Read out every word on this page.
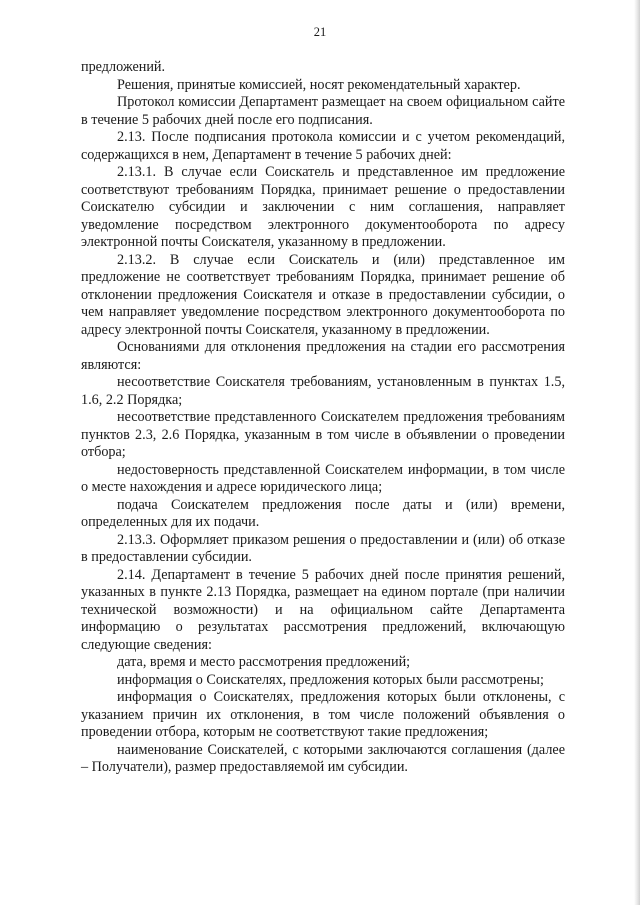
21

предложений.

Решения, принятые комиссией, носят рекомендательный характер.

Протокол комиссии Департамент размещает на своем официальном сайте в течение 5 рабочих дней после его подписания.

2.13. После подписания протокола комиссии и с учетом рекомендаций, содержащихся в нем, Департамент в течение 5 рабочих дней:

2.13.1. В случае если Соискатель и представленное им предложение соответствуют требованиям Порядка, принимает решение о предоставлении Соискателю субсидии и заключении с ним соглашения, направляет уведомление посредством электронного документооборота по адресу электронной почты Соискателя, указанному в предложении.

2.13.2. В случае если Соискатель и (или) представленное им предложение не соответствует требованиям Порядка, принимает решение об отклонении предложения Соискателя и отказе в предоставлении субсидии, о чем направляет уведомление посредством электронного документооборота по адресу электронной почты Соискателя, указанному в предложении.

Основаниями для отклонения предложения на стадии его рассмотрения являются:

несоответствие Соискателя требованиям, установленным в пунктах 1.5, 1.6, 2.2 Порядка;

несоответствие представленного Соискателем предложения требованиям пунктов 2.3, 2.6 Порядка, указанным в том числе в объявлении о проведении отбора;

недостоверность представленной Соискателем информации, в том числе о месте нахождения и адресе юридического лица;

подача Соискателем предложения после даты и (или) времени, определенных для их подачи.

2.13.3. Оформляет приказом решения о предоставлении и (или) об отказе в предоставлении субсидии.

2.14. Департамент в течение 5 рабочих дней после принятия решений, указанных в пункте 2.13 Порядка, размещает на едином портале (при наличии технической возможности) и на официальном сайте Департамента информацию о результатах рассмотрения предложений, включающую следующие сведения:

дата, время и место рассмотрения предложений;

информация о Соискателях, предложения которых были рассмотрены;

информация о Соискателях, предложения которых были отклонены, с указанием причин их отклонения, в том числе положений объявления о проведении отбора, которым не соответствуют такие предложения;

наименование Соискателей, с которыми заключаются соглашения (далее – Получатели), размер предоставляемой им субсидии.
